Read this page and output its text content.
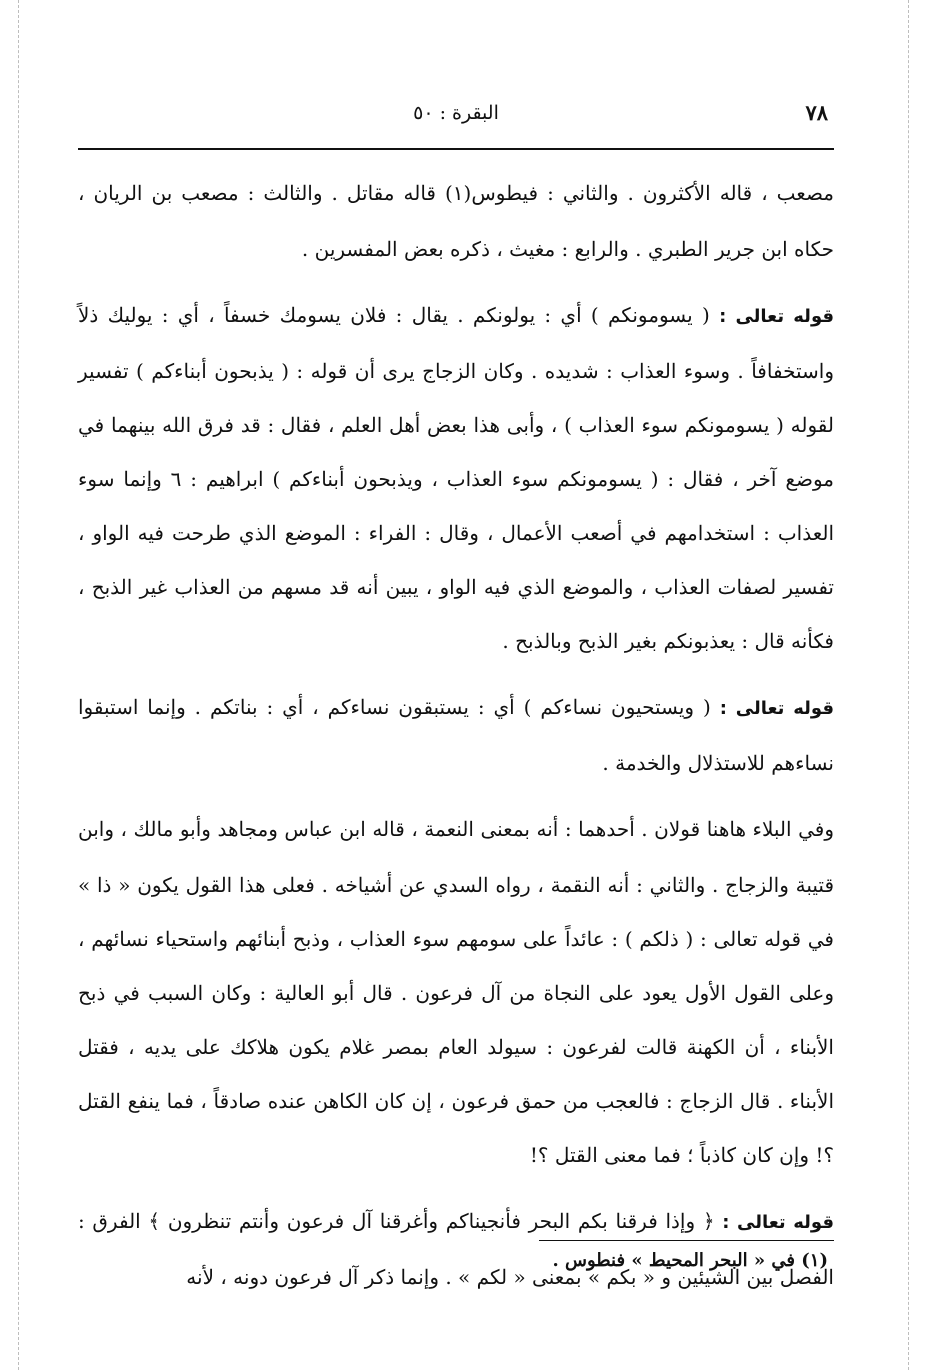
٧٨
البقرة : ٥٠

مصعب ، قاله الأكثرون . والثاني : فيطوس(١) قاله مقاتل . والثالث : مصعب بن الريان ، حكاه ابن جرير الطبري . والرابع : مغيث ، ذكره بعض المفسرين .

قوله تعالى : ( يسومونكم ) أي : يولونكم . يقال : فلان يسومك خسفاً ، أي : يوليك ذلاً واستخفافاً . وسوء العذاب : شديده . وكان الزجاج يرى أن قوله : ( يذبحون أبناءكم ) تفسير لقوله ( يسومونكم سوء العذاب ) ، وأبى هذا بعض أهل العلم ، فقال : قد فرق الله بينهما في موضع آخر ، فقال : ( يسومونكم سوء العذاب ، ويذبحون أبناءكم ) ابراهيم : ٦ وإنما سوء العذاب : استخدامهم في أصعب الأعمال ، وقال : الفراء : الموضع الذي طرحت فيه الواو ، تفسير لصفات العذاب ، والموضع الذي فيه الواو ، يبين أنه قد مسهم من العذاب غير الذبح ، فكأنه قال : يعذبونكم بغير الذبح وبالذبح .

قوله تعالى : ( ويستحيون نساءكم ) أي : يستبقون نساءكم ، أي : بناتكم . وإنما استبقوا نساءهم للاستذلال والخدمة .

وفي البلاء هاهنا قولان . أحدهما : أنه بمعنى النعمة ، قاله ابن عباس ومجاهد وأبو مالك ، وابن قتيبة والزجاج . والثاني : أنه النقمة ، رواه السدي عن أشياخه . فعلى هذا القول يكون « ذا » في قوله تعالى : ( ذلكم ) : عائداً على سومهم سوء العذاب ، وذبح أبنائهم واستحياء نسائهم ، وعلى القول الأول يعود على النجاة من آل فرعون . قال أبو العالية : وكان السبب في ذبح الأبناء ، أن الكهنة قالت لفرعون : سيولد العام بمصر غلام يكون هلاكك على يديه ، فقتل الأبناء . قال الزجاج : فالعجب من حمق فرعون ، إن كان الكاهن عنده صادقاً ، فما ينفع القتل ؟! وإن كان كاذباً ؛ فما معنى القتل ؟!

قوله تعالى : ﴿ وإذا فرقنا بكم البحر فأنجيناكم وأغرقنا آل فرعون وأنتم تنظرون ﴾ الفرق : الفصل بين الشيئين و « بكم » بمعنى « لكم » . وإنما ذكر آل فرعون دونه ، لأنه

(١) في « البحر المحيط » فنطوس .
